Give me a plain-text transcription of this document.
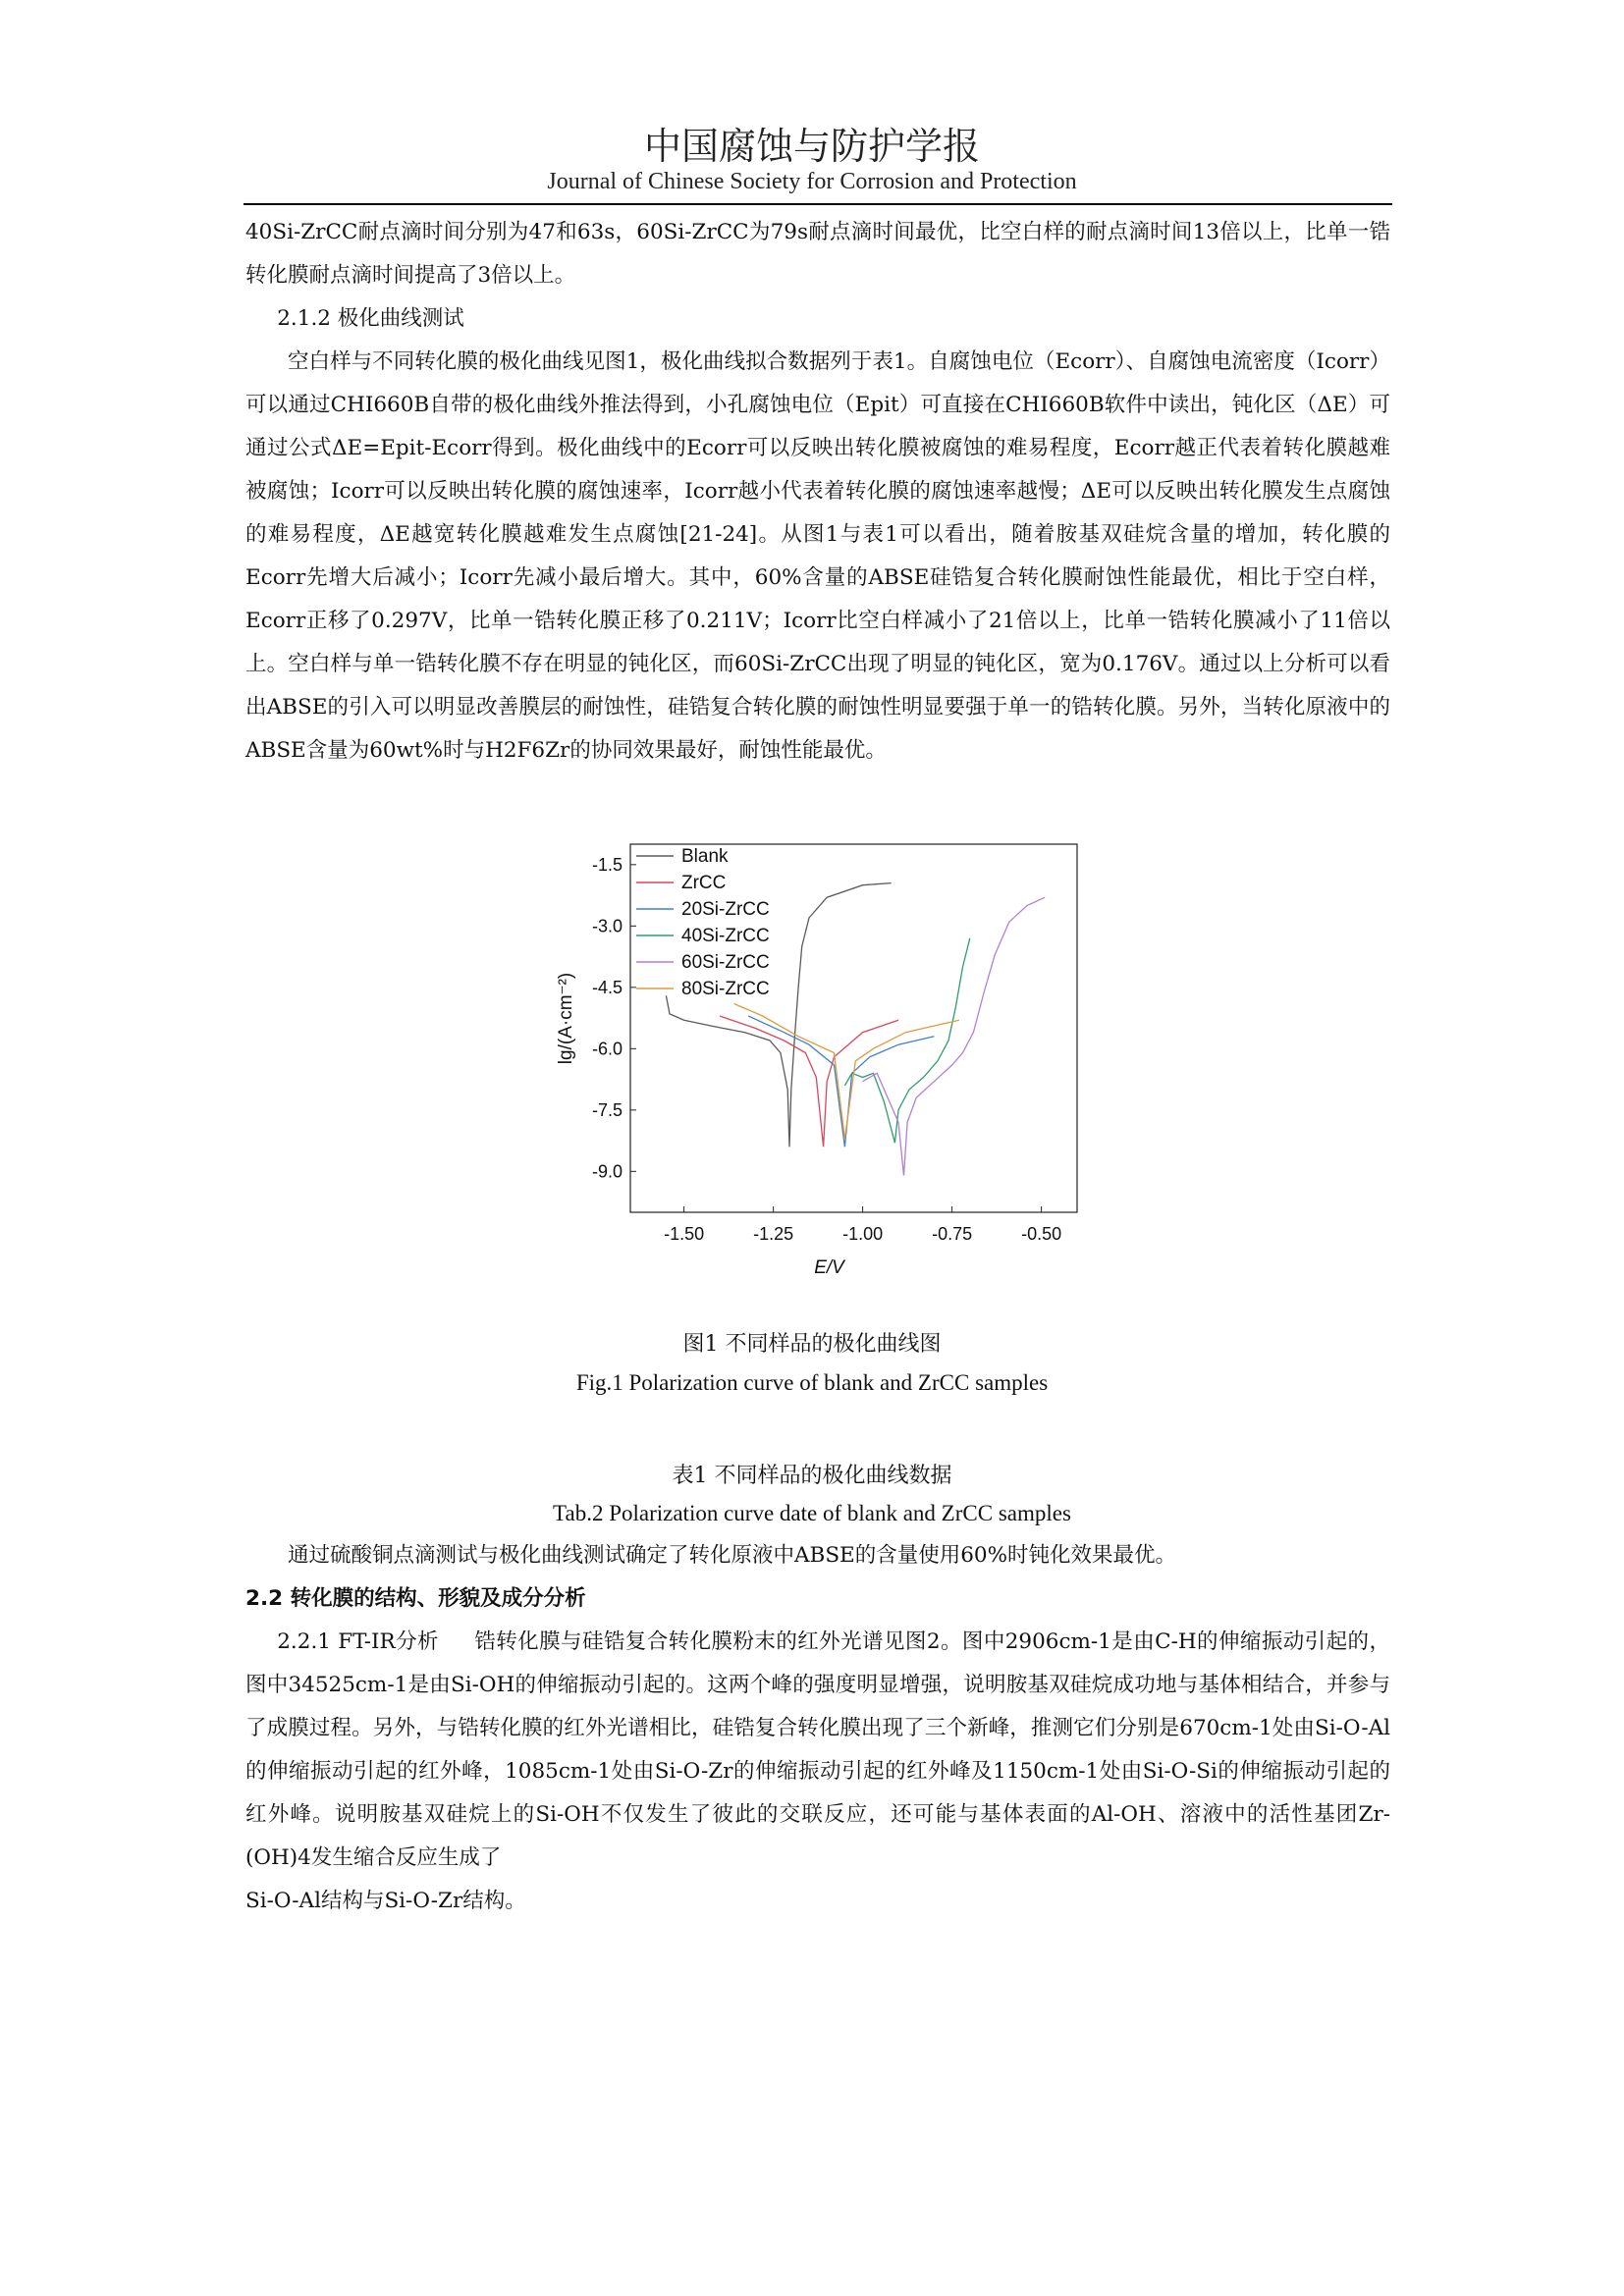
中国腐蚀与防护学报
Journal of Chinese Society for Corrosion and Protection

40Si-ZrCC耐点滴时间分别为47和63s，60Si-ZrCC为79s耐点滴时间最优，比空白样的耐点滴时间13倍以上，比单一锆转化膜耐点滴时间提高了3倍以上。

2.1.2 极化曲线测试

空白样与不同转化膜的极化曲线见图1，极化曲线拟合数据列于表1。自腐蚀电位（Ecorr）、自腐蚀电流密度（Icorr）可以通过CHI660B自带的极化曲线外推法得到，小孔腐蚀电位（Epit）可直接在CHI660B软件中读出，钝化区（ΔE）可通过公式ΔE=Epit-Ecorr得到。极化曲线中的Ecorr可以反映出转化膜被腐蚀的难易程度，Ecorr越正代表着转化膜越难被腐蚀；Icorr可以反映出转化膜的腐蚀速率，Icorr越小代表着转化膜的腐蚀速率越慢；ΔE可以反映出转化膜发生点腐蚀的难易程度，ΔE越宽转化膜越难发生点腐蚀[21-24]。从图1与表1可以看出，随着胺基双硅烷含量的增加，转化膜的Ecorr先增大后减小；Icorr先减小最后增大。其中，60%含量的ABSE硅锆复合转化膜耐蚀性能最优，相比于空白样，Ecorr正移了0.297V，比单一锆转化膜正移了0.211V；Icorr比空白样减小了21倍以上，比单一锆转化膜减小了11倍以上。空白样与单一锆转化膜不存在明显的钝化区，而60Si-ZrCC出现了明显的钝化区，宽为0.176V。通过以上分析可以看出ABSE的引入可以明显改善膜层的耐蚀性，硅锆复合转化膜的耐蚀性明显要强于单一的锆转化膜。另外，当转化原液中的ABSE含量为60wt%时与H2F6Zr的协同效果最好，耐蚀性能最优。

-1.50	-1.25	-1.00	-0.75	-0.50
-1.5
-3.0
-4.5
-6.0
-7.5
-9.0
E/V
lg/(A·cm⁻²)
Blank
ZrCC
20Si-ZrCC
40Si-ZrCC
60Si-ZrCC
80Si-ZrCC
图1 不同样品的极化曲线图
Fig.1 Polarization curve of blank and ZrCC samples
表1 不同样品的极化曲线数据
Tab.2 Polarization curve date of blank and ZrCC samples

通过硫酸铜点滴测试与极化曲线测试确定了转化原液中ABSE的含量使用60%时钝化效果最优。

2.2 转化膜的结构、形貌及成分分析

2.2.1 FT-IR分析 锆转化膜与硅锆复合转化膜粉末的红外光谱见图2。图中2906cm-1是由C-H的伸缩振动引起的，图中34525cm-1是由Si-OH的伸缩振动引起的。这两个峰的强度明显增强，说明胺基双硅烷成功地与基体相结合，并参与了成膜过程。另外，与锆转化膜的红外光谱相比，硅锆复合转化膜出现了三个新峰，推测它们分别是670cm-1处由Si-O-Al的伸缩振动引起的红外峰，1085cm-1处由Si-O-Zr的伸缩振动引起的红外峰及1150cm-1处由Si-O-Si的伸缩振动引起的红外峰。说明胺基双硅烷上的Si-OH不仅发生了彼此的交联反应，还可能与基体表面的Al-OH、溶液中的活性基团Zr-(OH)4发生缩合反应生成了

Si-O-Al结构与Si-O-Zr结构。
